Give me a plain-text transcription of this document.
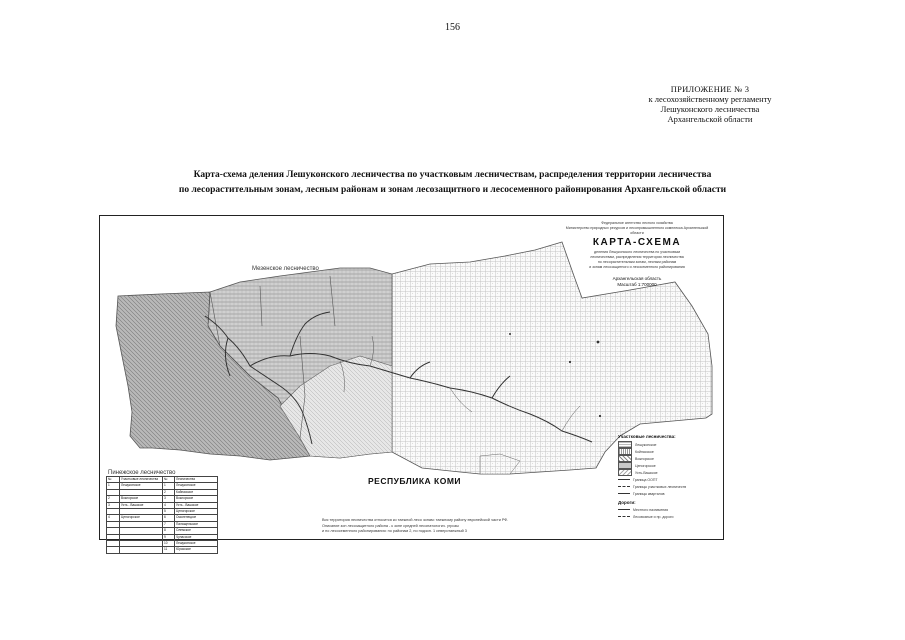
156
ПРИЛОЖЕНИЕ № 3
к лесохозяйственному регламенту
Лешуконского лесничества
Архангельской области
Карта-схема деления Лешуконского лесничества по участковым лесничествам, распределения территории лесничества
по лесорастительным зонам, лесным районам и зонам лесозащитного и лесосеменного районирования Архангельской области
Мезенское лесничество
Пинежское лесничество
РЕСПУБЛИКА КОМИ
Федеральное агентство лесного хозяйства
Министерство природных ресурсов и лесопромышленного комплекса Архангельской области
КАРТА-СХЕМА
деления Лешуконского лесничества по участковым
лесничествам, распределения территории лесничества
по лесорастительным зонам, лесным районам
и зонам лесозащитного и лесосеменного районирования
Архангельская область
Масштаб 1:700000
Участковые лесничества:
Лешуконское
Койнасское
Вожгорское
Ценогорское
Усть-Вашское
Граница ООПТ
Границы участковых лесничеств
Границы кварталов
Дороги:
Местного назначения
Лесовозные и пр. дороги
Вся территория лесничества относится ко таежной лесо зонам: таежному району европейской части РФ.
Описание зон лесозащитного района - к зоне средней лесопатологич. угрозы
и по лесосеменного районирования: по районам 2, по подзон. 1 северотаежный 3
№	Участковые лесничества	№	Лесничества
1	Лешуконское	1	Лешуконское
		2	Койнасское
2	Вожгорское	3	Вожгорское
3	Усть - Вашское	4	Усть - Вашское
		5	Ценогорское
4	Ценогорское	6	Смоленецкое
		7	Палащельское
		8	Олемское
		9	Чуласское
		10	Лешуконское
		11	Юрасское
